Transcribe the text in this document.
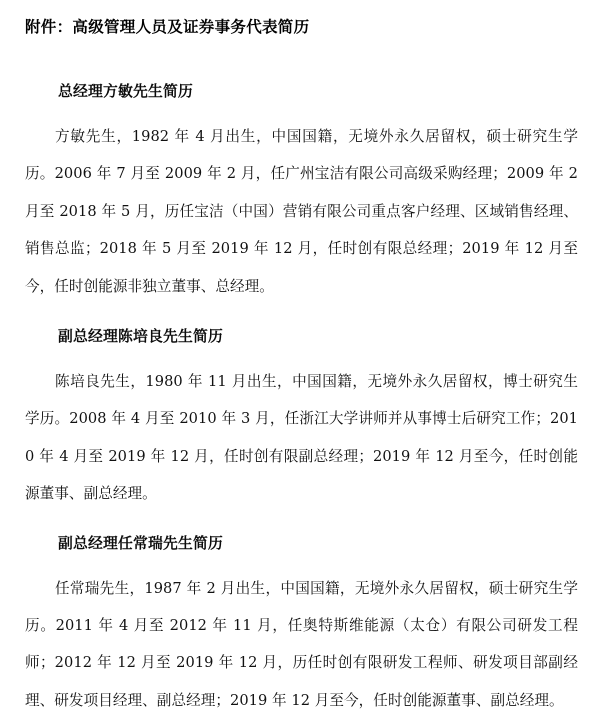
附件：高级管理人员及证券事务代表简历
总经理方敏先生简历

方敏先生，1982 年 4 月出生，中国国籍，无境外永久居留权，硕士研究生学历。2006 年 7 月至 2009 年 2 月，任广州宝洁有限公司高级采购经理；2009 年 2 月至 2018 年 5 月，历任宝洁（中国）营销有限公司重点客户经理、区域销售经理、销售总监；2018 年 5 月至 2019 年 12 月，任时创有限总经理；2019 年 12 月至今，任时创能源非独立董事、总经理。

副总经理陈培良先生简历

陈培良先生，1980 年 11 月出生，中国国籍，无境外永久居留权，博士研究生学历。2008 年 4 月至 2010 年 3 月，任浙江大学讲师并从事博士后研究工作；2010 年 4 月至 2019 年 12 月，任时创有限副总经理；2019 年 12 月至今，任时创能源董事、副总经理。

副总经理任常瑞先生简历

任常瑞先生，1987 年 2 月出生，中国国籍，无境外永久居留权，硕士研究生学历。2011 年 4 月至 2012 年 11 月，任奥特斯维能源（太仓）有限公司研发工程师；2012 年 12 月至 2019 年 12 月，历任时创有限研发工程师、研发项目部副经理、研发项目经理、副总经理；2019 年 12 月至今，任时创能源董事、副总经理。
